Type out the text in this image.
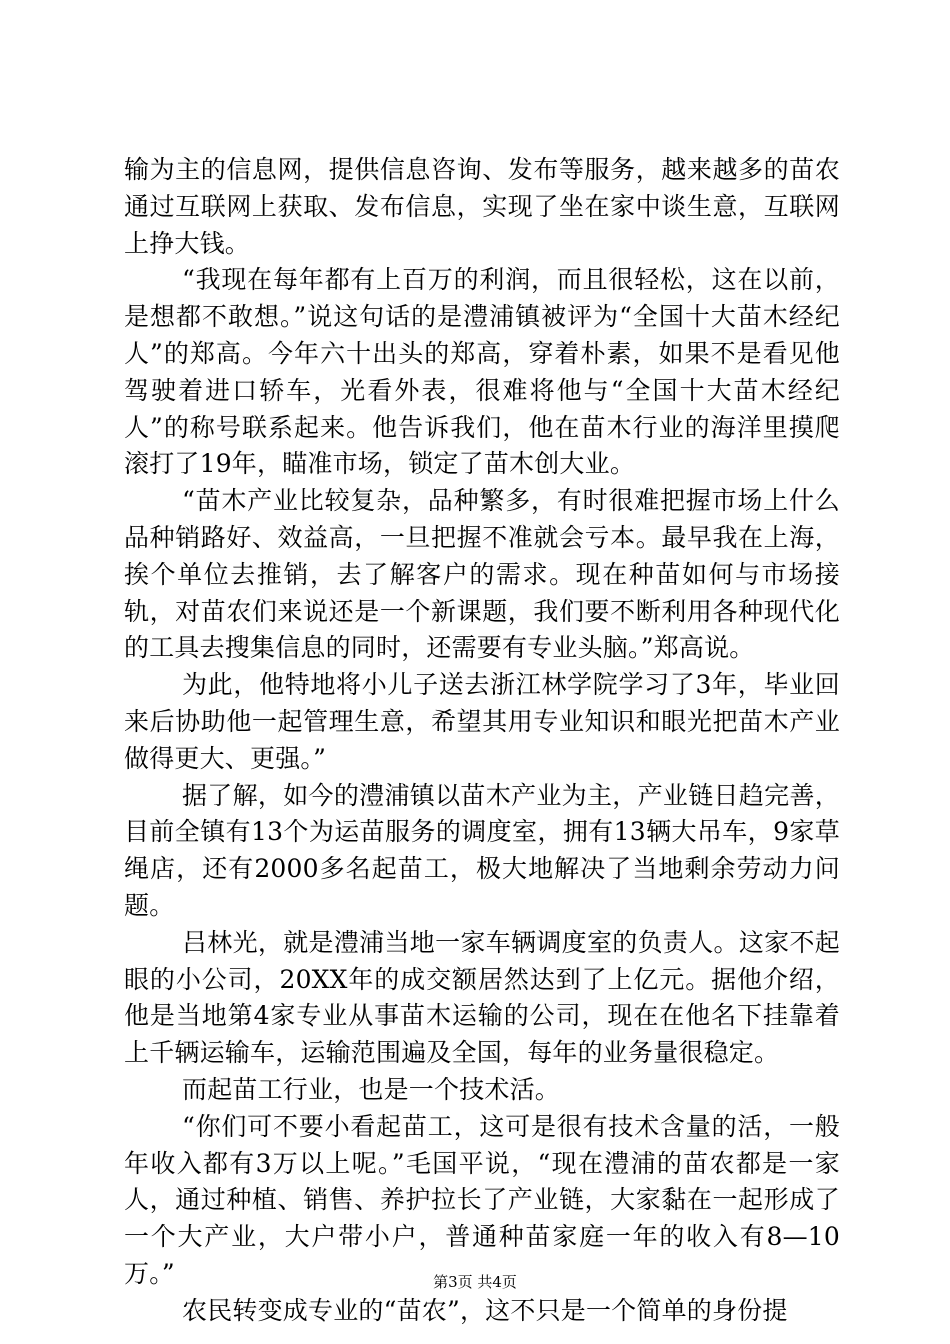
输为主的信息网，提供信息咨询、发布等服务，越来越多的苗农通过互联网上获取、发布信息，实现了坐在家中谈生意，互联网上挣大钱。

“我现在每年都有上百万的利润，而且很轻松，这在以前，是想都不敢想。”说这句话的是澧浦镇被评为“全国十大苗木经纪人”的郑高。今年六十出头的郑高，穿着朴素，如果不是看见他驾驶着进口轿车，光看外表，很难将他与“全国十大苗木经纪人”的称号联系起来。他告诉我们，他在苗木行业的海洋里摸爬滚打了19年，瞄准市场，锁定了苗木创大业。

“苗木产业比较复杂，品种繁多，有时很难把握市场上什么品种销路好、效益高，一旦把握不准就会亏本。最早我在上海，挨个单位去推销，去了解客户的需求。现在种苗如何与市场接轨，对苗农们来说还是一个新课题，我们要不断利用各种现代化的工具去搜集信息的同时，还需要有专业头脑。”郑高说。

为此，他特地将小儿子送去浙江林学院学习了3年，毕业回来后协助他一起管理生意，希望其用专业知识和眼光把苗木产业做得更大、更强。”

据了解，如今的澧浦镇以苗木产业为主，产业链日趋完善，目前全镇有13个为运苗服务的调度室，拥有13辆大吊车，9家草绳店，还有2000多名起苗工，极大地解决了当地剩余劳动力问题。

吕林光，就是澧浦当地一家车辆调度室的负责人。这家不起眼的小公司，20XX年的成交额居然达到了上亿元。据他介绍，他是当地第4家专业从事苗木运输的公司，现在在他名下挂靠着上千辆运输车，运输范围遍及全国，每年的业务量很稳定。

而起苗工行业，也是一个技术活。

“你们可不要小看起苗工，这可是很有技术含量的活，一般年收入都有3万以上呢。”毛国平说，“现在澧浦的苗农都是一家人，通过种植、销售、养护拉长了产业链，大家黏在一起形成了一个大产业，大户带小户，普通种苗家庭一年的收入有8—10万。”

农民转变成专业的“苗农”，这不只是一个简单的身份提

第3页 共4页
